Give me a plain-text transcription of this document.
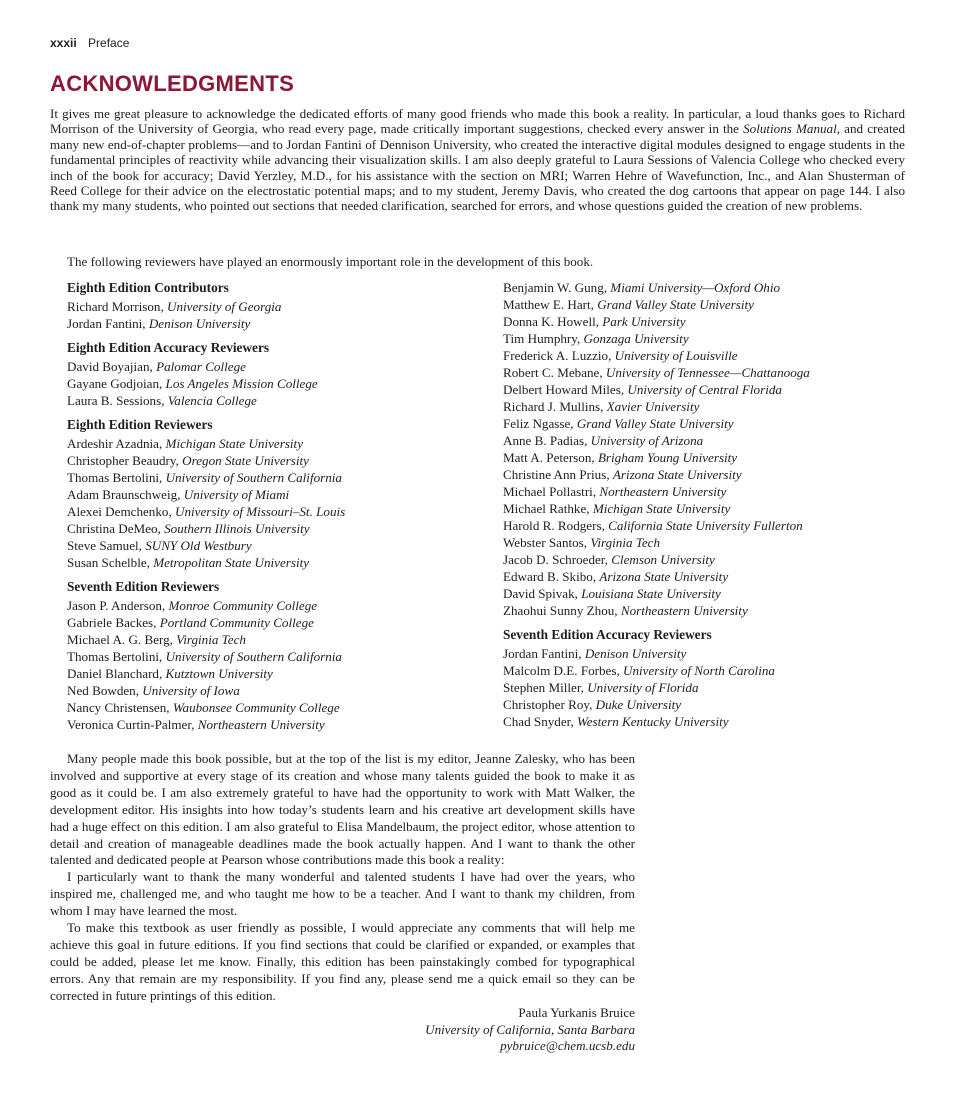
xxxii Preface
ACKNOWLEDGMENTS

It gives me great pleasure to acknowledge the dedicated efforts of many good friends who made this book a reality. In particular, a loud thanks goes to Richard Morrison of the University of Georgia, who read every page, made critically important suggestions, checked every answer in the Solutions Manual, and created many new end-of-chapter problems—and to Jordan Fantini of Dennison University, who created the interactive digital modules designed to engage students in the fundamental principles of reactivity while advancing their visualization skills. I am also deeply grateful to Laura Sessions of Valencia College who checked every inch of the book for accuracy; David Yerzley, M.D., for his assistance with the section on MRI; Warren Hehre of Wavefunction, Inc., and Alan Shusterman of Reed College for their advice on the electrostatic potential maps; and to my student, Jeremy Davis, who created the dog cartoons that appear on page 144. I also thank my many students, who pointed out sections that needed clarification, searched for errors, and whose questions guided the creation of new problems.

The following reviewers have played an enormously important role in the development of this book.

Eighth Edition Contributors
Richard Morrison, University of Georgia
Jordan Fantini, Denison University
Eighth Edition Accuracy Reviewers
David Boyajian, Palomar College
Gayane Godjoian, Los Angeles Mission College
Laura B. Sessions, Valencia College
Eighth Edition Reviewers
Ardeshir Azadnia, Michigan State University
Christopher Beaudry, Oregon State University
Thomas Bertolini, University of Southern California
Adam Braunschweig, University of Miami
Alexei Demchenko, University of Missouri–St. Louis
Christina DeMeo, Southern Illinois University
Steve Samuel, SUNY Old Westbury
Susan Schelble, Metropolitan State University
Seventh Edition Reviewers
Jason P. Anderson, Monroe Community College
Gabriele Backes, Portland Community College
Michael A. G. Berg, Virginia Tech
Thomas Bertolini, University of Southern California
Daniel Blanchard, Kutztown University
Ned Bowden, University of Iowa
Nancy Christensen, Waubonsee Community College
Veronica Curtin-Palmer, Northeastern University
Benjamin W. Gung, Miami University—Oxford Ohio
Matthew E. Hart, Grand Valley State University
Donna K. Howell, Park University
Tim Humphry, Gonzaga University
Frederick A. Luzzio, University of Louisville
Robert C. Mebane, University of Tennessee—Chattanooga
Delbert Howard Miles, University of Central Florida
Richard J. Mullins, Xavier University
Feliz Ngasse, Grand Valley State University
Anne B. Padias, University of Arizona
Matt A. Peterson, Brigham Young University
Christine Ann Prius, Arizona State University
Michael Pollastri, Northeastern University
Michael Rathke, Michigan State University
Harold R. Rodgers, California State University Fullerton
Webster Santos, Virginia Tech
Jacob D. Schroeder, Clemson University
Edward B. Skibo, Arizona State University
David Spivak, Louisiana State University
Zhaohui Sunny Zhou, Northeastern University
Seventh Edition Accuracy Reviewers
Jordan Fantini, Denison University
Malcolm D.E. Forbes, University of North Carolina
Stephen Miller, University of Florida
Christopher Roy, Duke University
Chad Snyder, Western Kentucky University

Many people made this book possible, but at the top of the list is my editor, Jeanne Zalesky, who has been involved and supportive at every stage of its creation and whose many talents guided the book to make it as good as it could be. I am also extremely grateful to have had the opportunity to work with Matt Walker, the development editor. His insights into how today’s students learn and his creative art development skills have had a huge effect on this edition. I am also grateful to Elisa Mandelbaum, the project editor, whose attention to detail and creation of manageable deadlines made the book actually happen. And I want to thank the other talented and dedicated people at Pearson whose contributions made this book a reality:

I particularly want to thank the many wonderful and talented students I have had over the years, who inspired me, challenged me, and who taught me how to be a teacher. And I want to thank my children, from whom I may have learned the most.

To make this textbook as user friendly as possible, I would appreciate any comments that will help me achieve this goal in future editions. If you find sections that could be clarified or expanded, or examples that could be added, please let me know. Finally, this edition has been painstakingly combed for typographical errors. Any that remain are my responsibility. If you find any, please send me a quick email so they can be corrected in future printings of this edition.

Paula Yurkanis Bruice

University of California, Santa Barbara

pybruice@chem.ucsb.edu
